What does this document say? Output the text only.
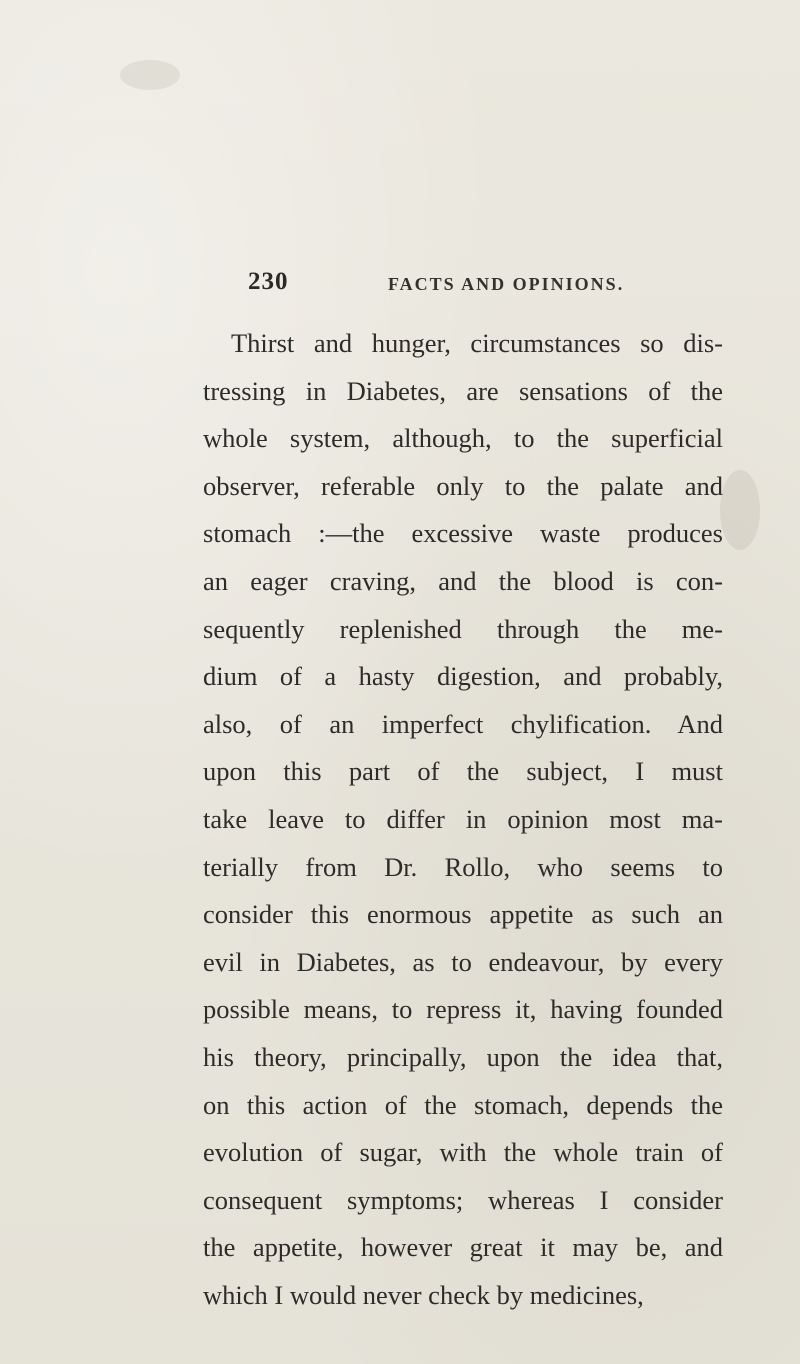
230	FACTS AND OPINIONS.
Thirst and hunger, circumstances so dis-
tressing in Diabetes, are sensations of the
whole system, although, to the superficial
observer, referable only to the palate and
stomach :—the excessive waste produces
an eager craving, and the blood is con-
sequently replenished through the me-
dium of a hasty digestion, and probably,
also, of an imperfect chylification. And
upon this part of the subject, I must
take leave to differ in opinion most ma-
terially from Dr. Rollo, who seems to
consider this enormous appetite as such an
evil in Diabetes, as to endeavour, by every
possible means, to repress it, having founded
his theory, principally, upon the idea that,
on this action of the stomach, depends the
evolution of sugar, with the whole train of
consequent symptoms; whereas I consider
the appetite, however great it may be, and
which I would never check by medicines,
